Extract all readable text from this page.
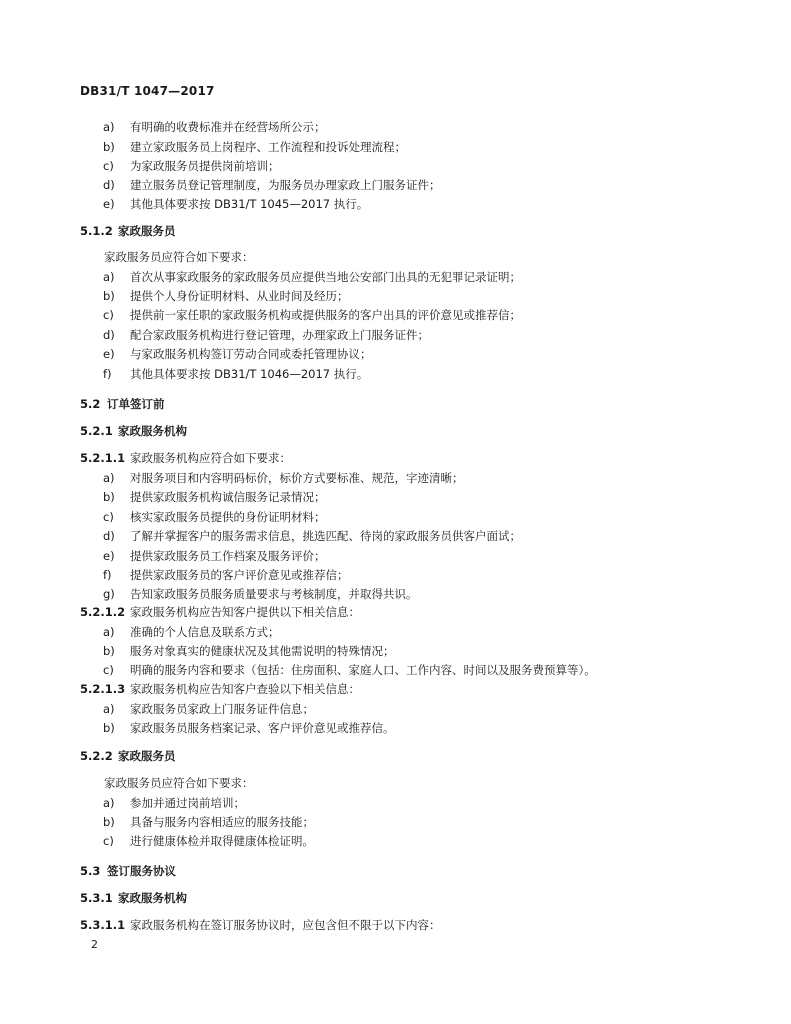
DB31/T 1047—2017
a) 有明确的收费标准并在经营场所公示；
b) 建立家政服务员上岗程序、工作流程和投诉处理流程；
c) 为家政服务员提供岗前培训；
d) 建立服务员登记管理制度，为服务员办理家政上门服务证件；
e) 其他具体要求按 DB31/T 1045—2017 执行。
5.1.2 家政服务员
家政服务员应符合如下要求：
a) 首次从事家政服务的家政服务员应提供当地公安部门出具的无犯罪记录证明；
b) 提供个人身份证明材料、从业时间及经历；
c) 提供前一家任职的家政服务机构或提供服务的客户出具的评价意见或推荐信；
d) 配合家政服务机构进行登记管理，办理家政上门服务证件；
e) 与家政服务机构签订劳动合同或委托管理协议；
f) 其他具体要求按 DB31/T 1046—2017 执行。
5.2 订单签订前
5.2.1 家政服务机构
5.2.1.1 家政服务机构应符合如下要求：
a) 对服务项目和内容明码标价，标价方式要标准、规范，字迹清晰；
b) 提供家政服务机构诚信服务记录情况；
c) 核实家政服务员提供的身份证明材料；
d) 了解并掌握客户的服务需求信息，挑选匹配、待岗的家政服务员供客户面试；
e) 提供家政服务员工作档案及服务评价；
f) 提供家政服务员的客户评价意见或推荐信；
g) 告知家政服务员服务质量要求与考核制度，并取得共识。
5.2.1.2 家政服务机构应告知客户提供以下相关信息：
a) 准确的个人信息及联系方式；
b) 服务对象真实的健康状况及其他需说明的特殊情况；
c) 明确的服务内容和要求（包括：住房面积、家庭人口、工作内容、时间以及服务费预算等）。
5.2.1.3 家政服务机构应告知客户查验以下相关信息：
a) 家政服务员家政上门服务证件信息；
b) 家政服务员服务档案记录、客户评价意见或推荐信。
5.2.2 家政服务员
家政服务员应符合如下要求：
a) 参加并通过岗前培训；
b) 具备与服务内容相适应的服务技能；
c) 进行健康体检并取得健康体检证明。
5.3 签订服务协议
5.3.1 家政服务机构
5.3.1.1 家政服务机构在签订服务协议时，应包含但不限于以下内容：
2
